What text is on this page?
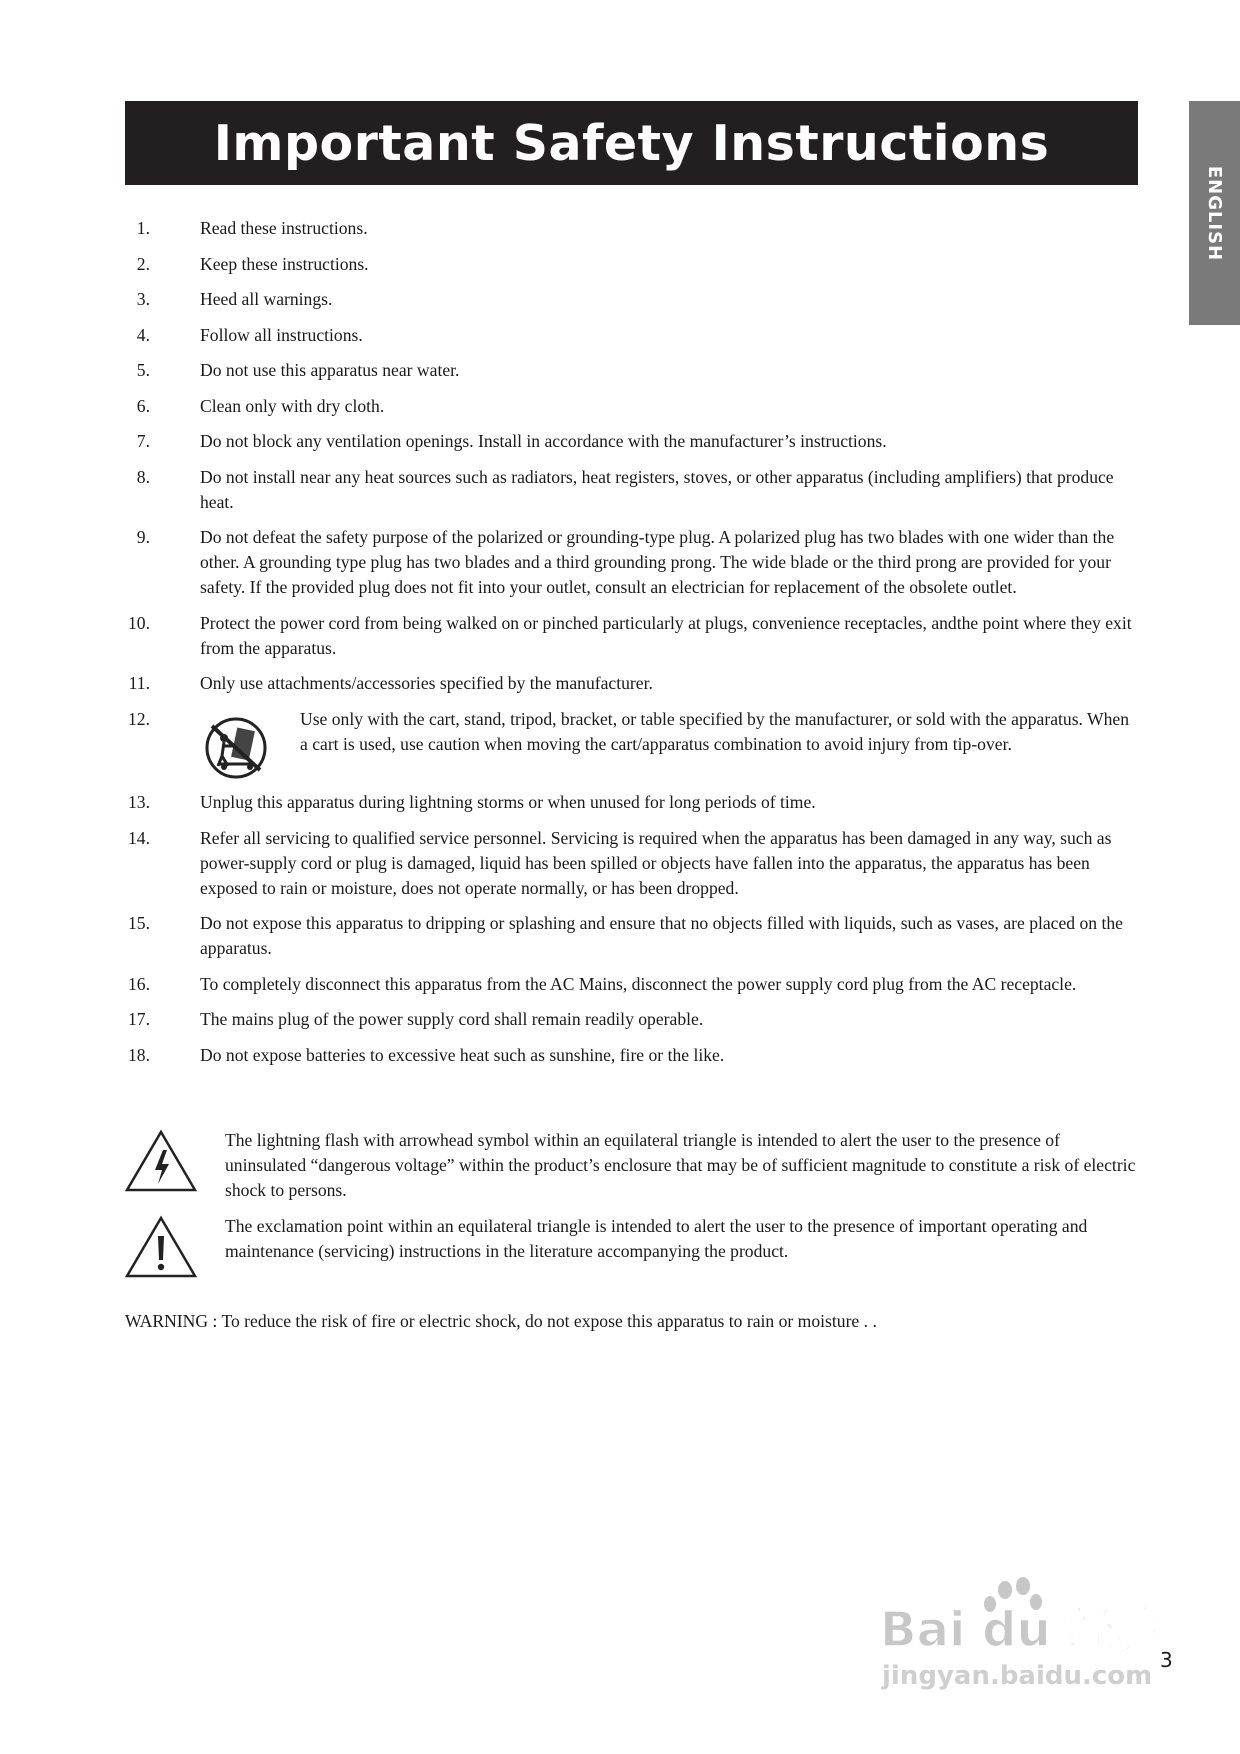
Important Safety Instructions
ENGLISH
1.	Read these instructions.
2.	Keep these instructions.
3.	Heed all warnings.
4.	Follow all instructions.
5.	Do not use this apparatus near water.
6.	Clean only with dry cloth.
7.	Do not block any ventilation openings. Install in accordance with the manufacturer’s instructions.
8.	Do not install near any heat sources such as radiators, heat registers, stoves, or other apparatus (including amplifiers) that produce heat.
9.	Do not defeat the safety purpose of the polarized or grounding-type plug. A polarized plug has two blades with one wider than the other. A grounding type plug has two blades and a third grounding prong. The wide blade or the third prong are provided for your safety. If the provided plug does not fit into your outlet, consult an electrician for replacement of the obsolete outlet.
10.	Protect the power cord from being walked on or pinched particularly at plugs, convenience receptacles, andthe point where they exit from the apparatus.
11.	Only use attachments/accessories specified by the manufacturer.
12.	Use only with the cart, stand, tripod, bracket, or table specified by the manufacturer, or sold with the apparatus. When a cart is used, use caution when moving the cart/apparatus combination to avoid injury from tip-over.
13.	Unplug this apparatus during lightning storms or when unused for long periods of time.
14.	Refer all servicing to qualified service personnel. Servicing is required when the apparatus has been damaged in any way, such as power-supply cord or plug is damaged, liquid has been spilled or objects have fallen into the apparatus, the apparatus has been exposed to rain or moisture, does not operate normally, or has been dropped.
15.	Do not expose this apparatus to dripping or splashing and ensure that no objects filled with liquids, such as vases, are placed on the apparatus.
16.	To completely disconnect this apparatus from the AC Mains, disconnect the power supply cord plug from the AC receptacle.
17.	The mains plug of the power supply cord shall remain readily operable.
18.	Do not expose batteries to excessive heat such as sunshine, fire or the like.
The lightning flash with arrowhead symbol within an equilateral triangle is intended to alert the user to the presence of uninsulated “dangerous voltage” within the product’s enclosure that may be of sufficient magnitude to constitute a risk of electric shock to persons.
The exclamation point within an equilateral triangle is intended to alert the user to the presence of important operating and maintenance (servicing) instructions in the literature accompanying the product.
WARNING : To reduce the risk of fire or electric shock, do not expose this apparatus to rain or moisture . .
Bai du 经验
jingyan.baidu.com
3
